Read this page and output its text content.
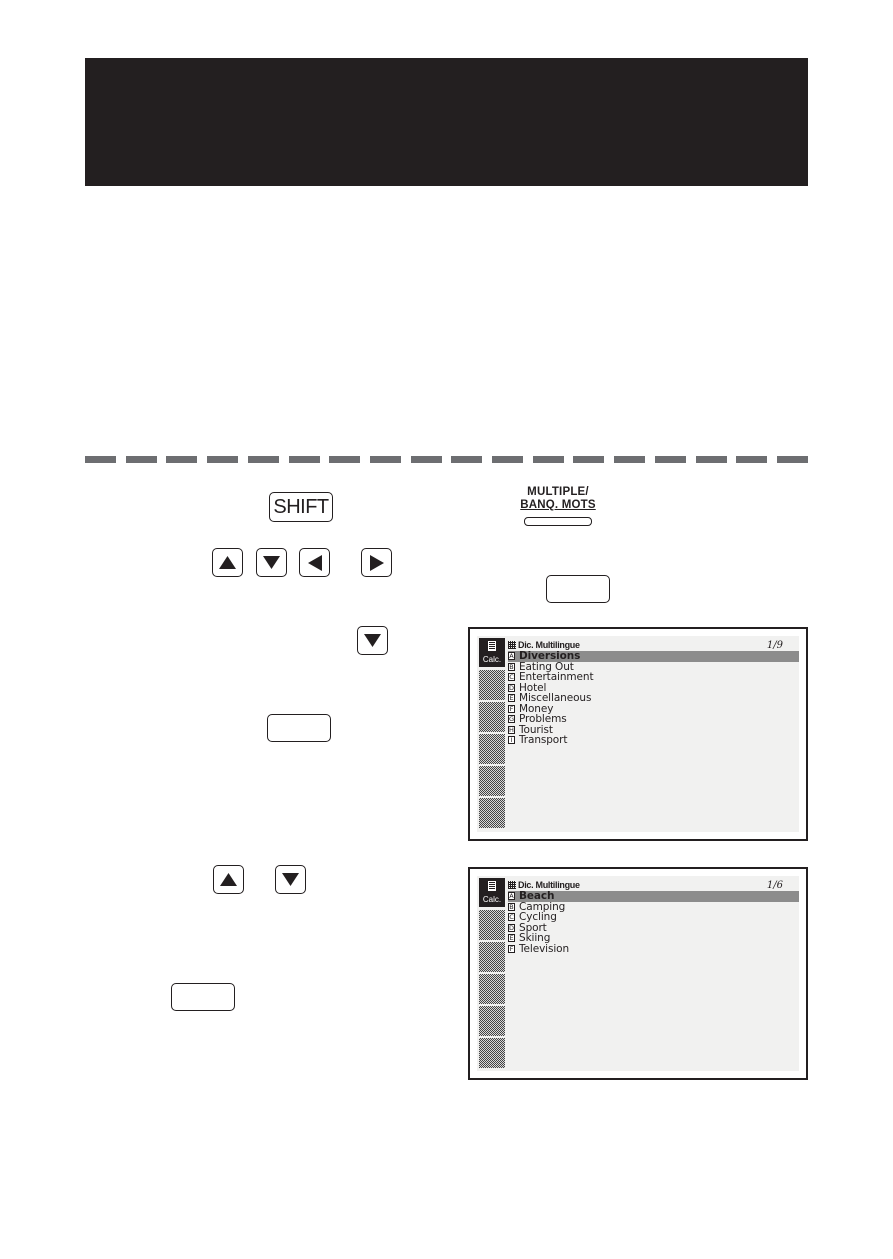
SHIFT
MULTIPLE/
BANQ. MOTS
Calc.
Dic. Multilingue	1/9
A Diversions
B Eating Out
C Entertainment
D Hotel
E Miscellaneous
F Money
G Problems
H Tourist
I Transport
Calc.
Dic. Multilingue	1/6
A Beach
B Camping
C Cycling
D Sport
E Skiing
F Television
